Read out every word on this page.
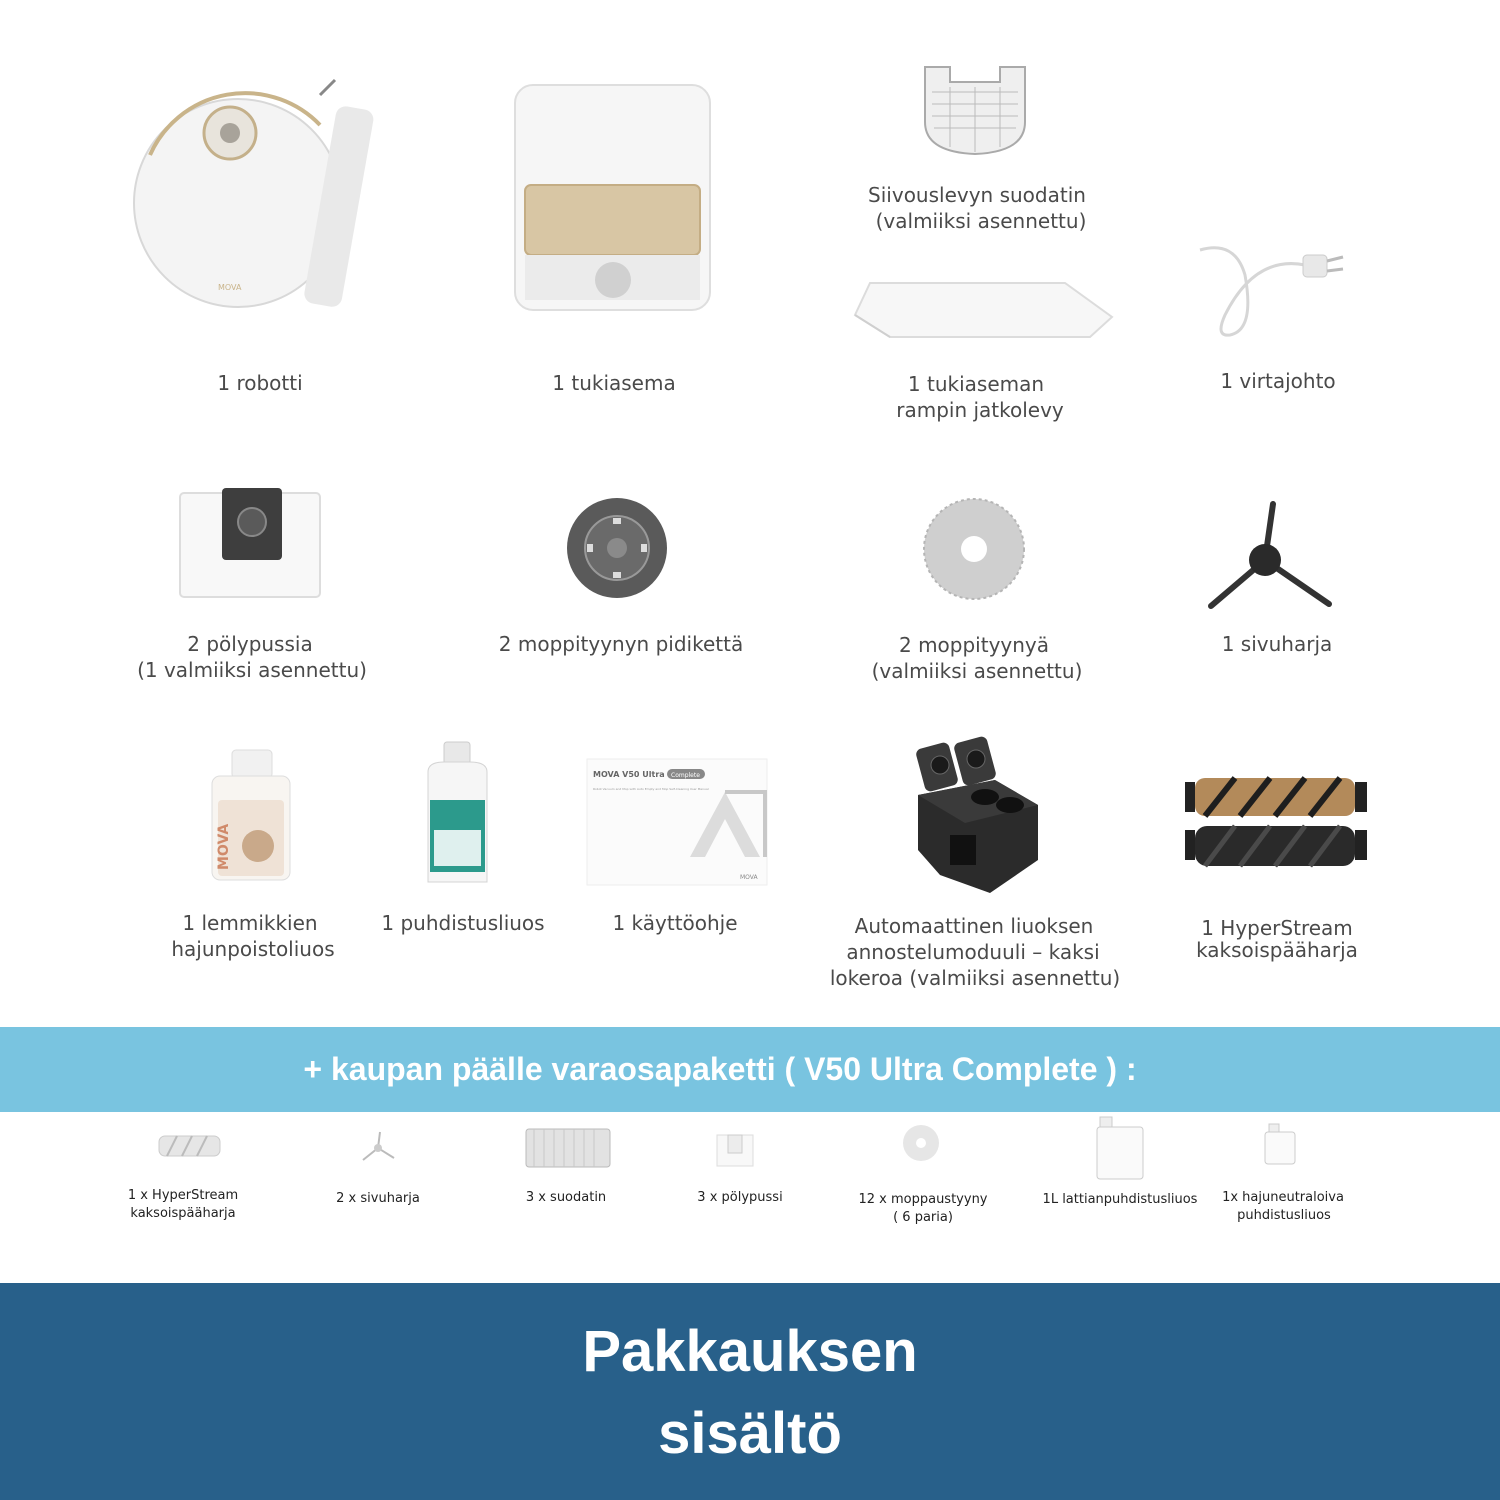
MOVA
1 robotti	1 tukiasema
Siivouslevyn suodatin
(valmiiksi asennettu)
1 tukiaseman
rampin jatkolevy
1 virtajohto
2 pölypussia
(1 valmiiksi asennettu)
2 moppityynyn pidikettä	2 moppityynyä
(valmiiksi asennettu)
1 sivuharja
MOVA
1 lemmikkien
hajunpoistoliuos
1 puhdistusliuos
MOVA V50 Ultra Complete
Robot Vacuum and Mop with Auto Empty and Mop Self-Cleaning User Manual
MOVA
1 käyttöohje	Automaattinen liuoksen
annostelumoduuli – kaksi
lokeroa (valmiiksi asennettu)
1 HyperStream
kaksoispääharja
+ kaupan päälle varaosapaketti ( V50 Ultra Complete ) :
1 x HyperStream
kaksoispääharja
2 x sivuharja	3 x suodatin	3 x pölypussi	12 x moppaustyyny
( 6 paria)
1L lattianpuhdistusliuos 1x hajuneutraloiva
puhdistusliuos
Pakkauksen
sisältö
